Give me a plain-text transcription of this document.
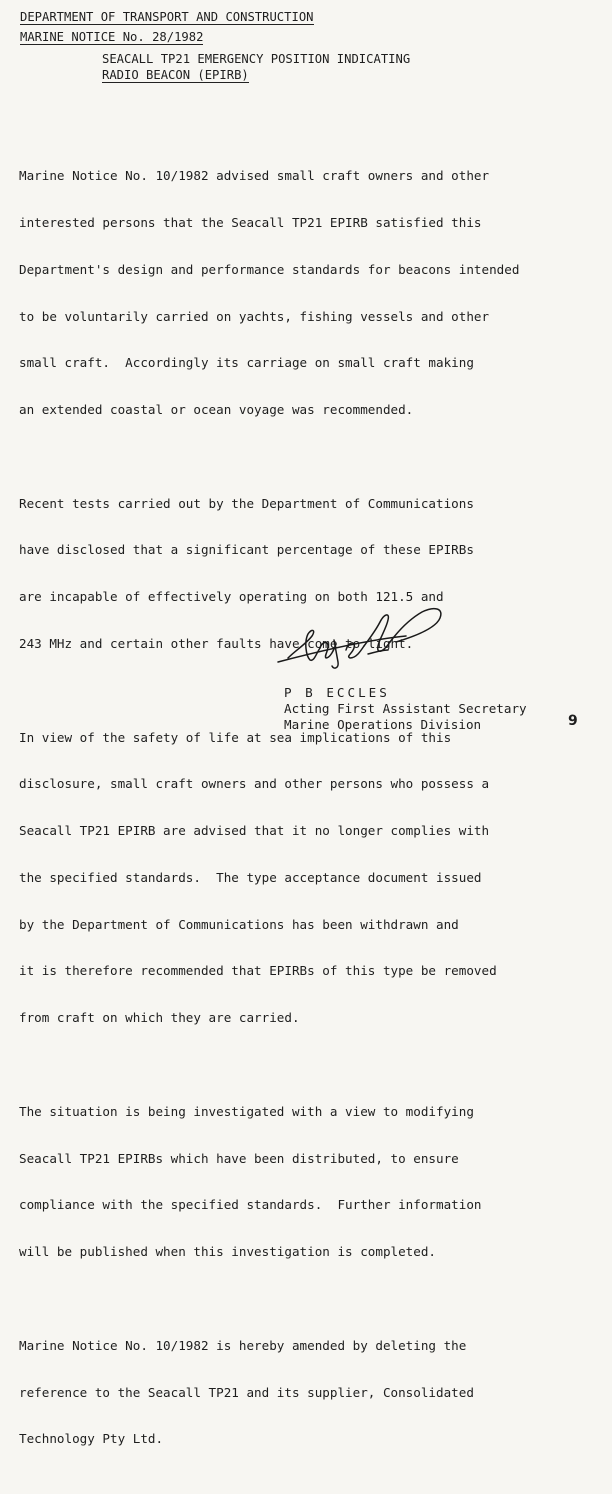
DEPARTMENT OF TRANSPORT AND CONSTRUCTION
MARINE NOTICE No. 28/1982
SEACALL TP21 EMERGENCY POSITION INDICATING
RADIO BEACON (EPIRB)

Marine Notice No. 10/1982 advised small craft owners and other

interested persons that the Seacall TP21 EPIRB satisfied this

Department's design and performance standards for beacons intended

to be voluntarily carried on yachts, fishing vessels and other

small craft.  Accordingly its carriage on small craft making

an extended coastal or ocean voyage was recommended.

Recent tests carried out by the Department of Communications

have disclosed that a significant percentage of these EPIRBs

are incapable of effectively operating on both 121.5 and

243 MHz and certain other faults have come to light.

In view of the safety of life at sea implications of this

disclosure, small craft owners and other persons who possess a

Seacall TP21 EPIRB are advised that it no longer complies with

the specified standards.  The type acceptance document issued

by the Department of Communications has been withdrawn and

it is therefore recommended that EPIRBs of this type be removed

from craft on which they are carried.

The situation is being investigated with a view to modifying

Seacall TP21 EPIRBs which have been distributed, to ensure

compliance with the specified standards.  Further information

will be published when this investigation is completed.

Marine Notice No. 10/1982 is hereby amended by deleting the

reference to the Seacall TP21 and its supplier, Consolidated

Technology Pty Ltd.

P B ECCLES
Acting First Assistant Secretary
Marine Operations Division	9
